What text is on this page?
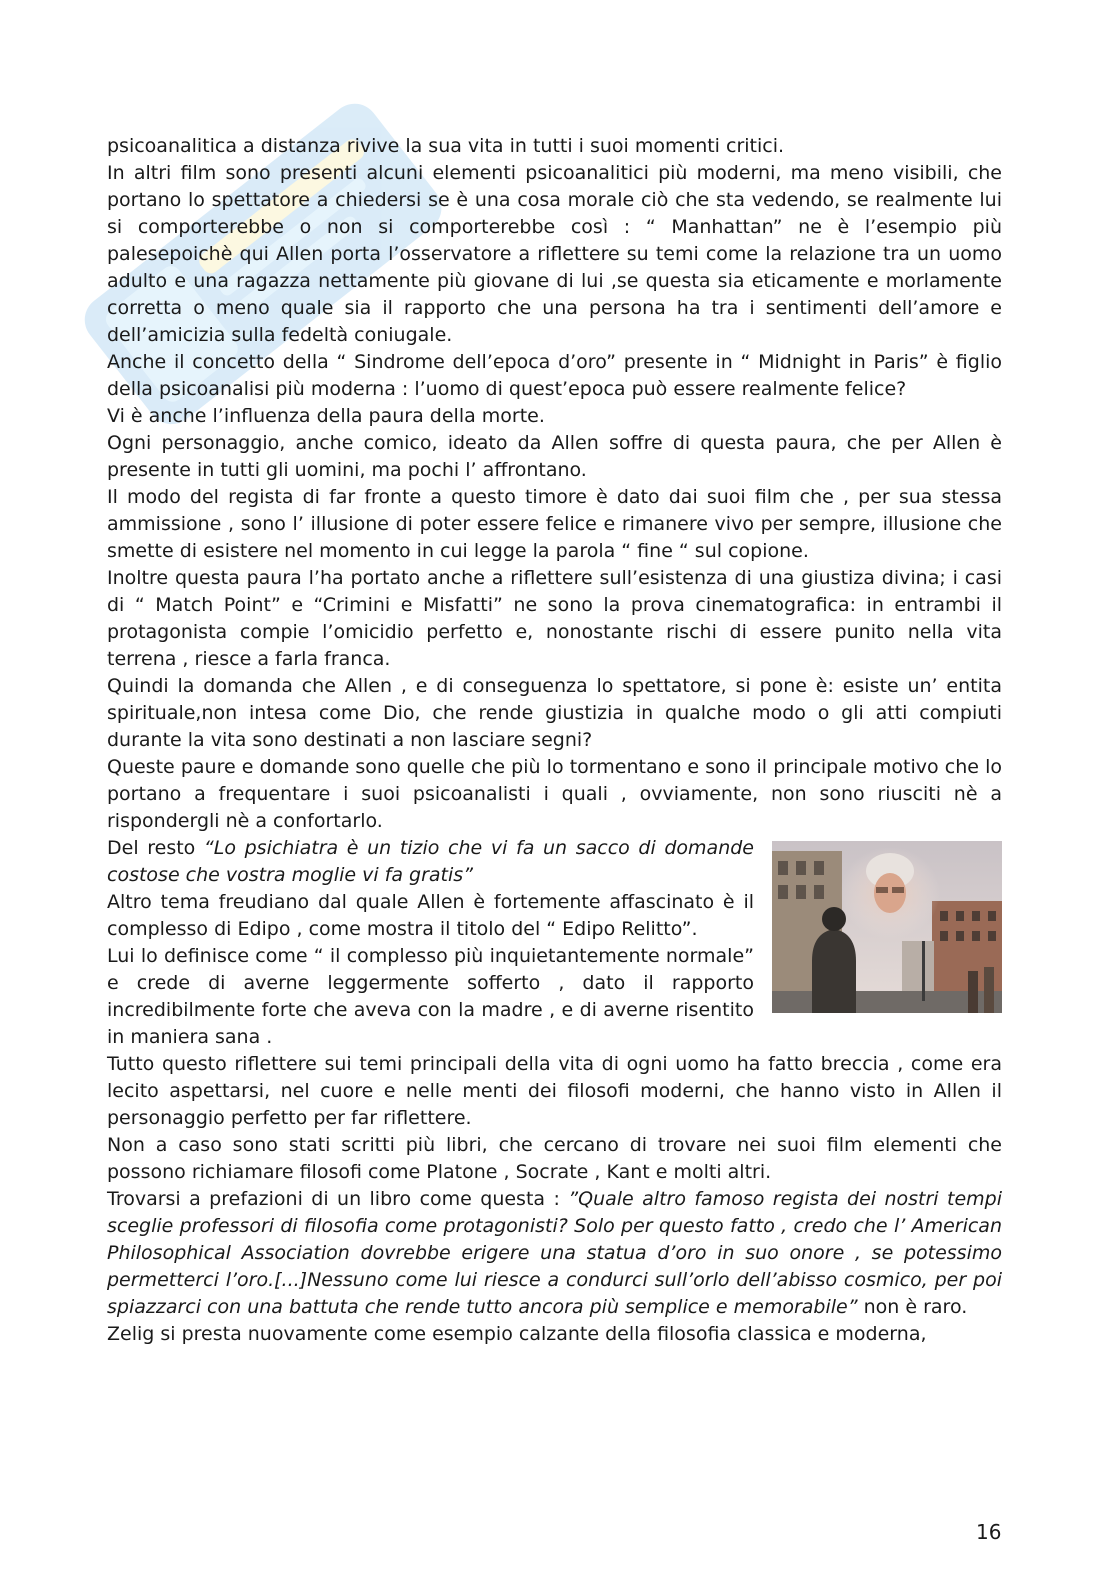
psicoanalitica a distanza rivive la sua vita in tutti i suoi momenti critici.

In altri film sono presenti alcuni elementi psicoanalitici più moderni, ma meno visibili, che portano lo spettatore a chiedersi se è una cosa morale ciò che sta vedendo, se realmente lui si comporterebbe o non si comporterebbe così : “ Manhattan” ne è l’esempio più palesepoichè qui Allen porta l’osservatore a riflettere su temi come la relazione tra un uomo adulto e una ragazza nettamente più giovane di lui ,se questa sia eticamente e morlamente corretta o meno quale sia il rapporto che una persona ha tra i sentimenti dell’amore e dell’amicizia sulla fedeltà coniugale.

Anche il concetto della “ Sindrome dell’epoca d’oro” presente in “ Midnight in Paris” è figlio della psicoanalisi più moderna : l’uomo di quest’epoca può essere realmente felice?

Vi è anche l’influenza della paura della morte.

Ogni personaggio, anche comico, ideato da Allen soffre di questa paura, che per Allen è presente in tutti gli uomini, ma pochi l’ affrontano.

Il modo del regista di far fronte a questo timore è dato dai suoi film che , per sua stessa ammissione , sono l’ illusione di poter essere felice e rimanere vivo per sempre, illusione che smette di esistere nel momento in cui legge la parola “ fine “ sul copione.

Inoltre questa paura l’ha portato anche a riflettere sull’esistenza di una giustiza divina; i casi di “ Match Point” e “Crimini e Misfatti” ne sono la prova cinematografica: in entrambi il protagonista compie l’omicidio perfetto e, nonostante rischi di essere punito nella vita terrena , riesce a farla franca.

Quindi la domanda che Allen , e di conseguenza lo spettatore, si pone è: esiste un’ entita spirituale,non intesa come Dio, che rende giustizia in qualche modo o gli atti compiuti durante la vita sono destinati a non lasciare segni?

Queste paure e domande sono quelle che più lo tormentano e sono il principale motivo che lo portano a frequentare i suoi psicoanalisti i quali , ovviamente, non sono riusciti nè a rispondergli nè a confortarlo.

Del resto “Lo psichiatra è un tizio che vi fa un sacco di domande costose che vostra moglie vi fa gratis”

Altro tema freudiano dal quale Allen è fortemente affascinato è il complesso di Edipo , come mostra il titolo del “ Edipo Relitto”.

Lui lo definisce come “ il complesso più inquietantemente normale” e crede di averne leggermente sofferto , dato il rapporto incredibilmente forte che aveva con la madre , e di averne risentito in maniera sana .

Tutto questo riflettere sui temi principali della vita di ogni uomo ha fatto breccia , come era lecito aspettarsi, nel cuore e nelle menti dei filosofi moderni, che hanno visto in Allen il personaggio perfetto per far riflettere.

Non a caso sono stati scritti più libri, che cercano di trovare nei suoi film elementi che possono richiamare filosofi come Platone , Socrate , Kant e molti altri.

Trovarsi a prefazioni di un libro come questa : ”Quale altro famoso regista dei nostri tempi sceglie professori di filosofia come protagonisti? Solo per questo fatto , credo che l’ American Philosophical Association dovrebbe erigere una statua d’oro in suo onore , se potessimo permetterci l’oro.[...]Nessuno come lui riesce a condurci sull’orlo dell’abisso cosmico, per poi spiazzarci con una battuta che rende tutto ancora più semplice e memorabile” non è raro.

Zelig si presta nuovamente come esempio calzante della filosofia classica e moderna,

16
